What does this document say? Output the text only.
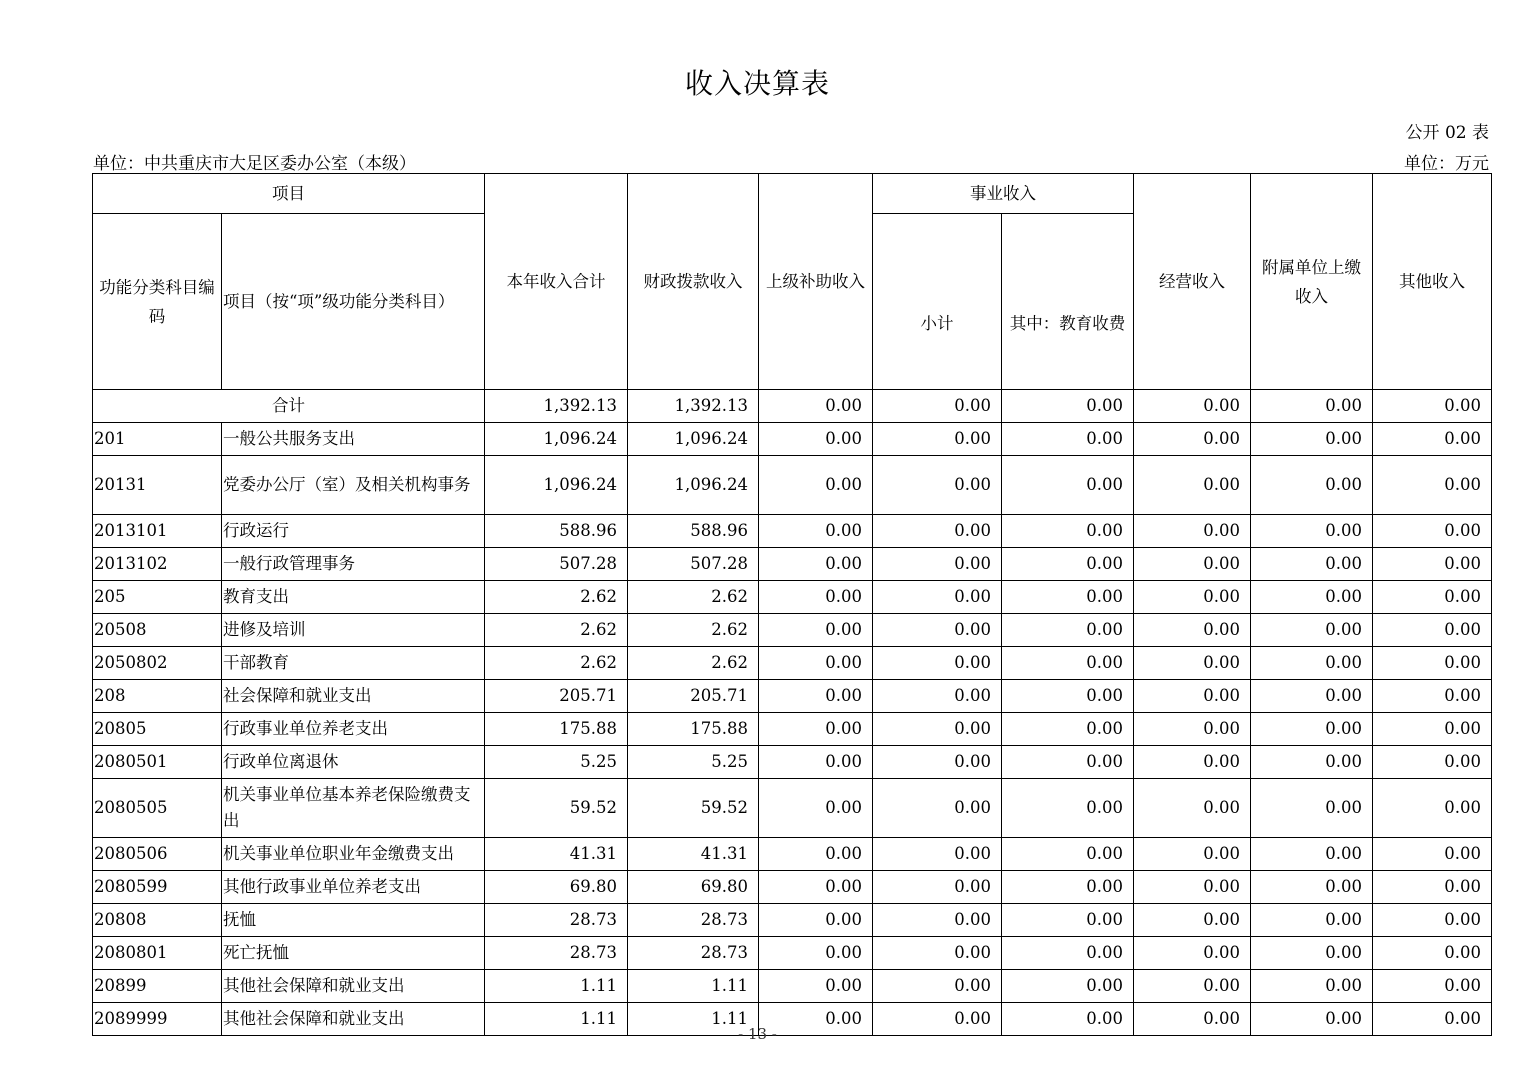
收入决算表
公开 02 表
单位：中共重庆市大足区委办公室（本级）	单位：万元
项目		本年收入合计	财政拨款收入	上级补助收入	事业收入		经营收入	附属单位上缴收入	其他收入
功能分类科目编码	项目（按“项”级功能分类科目）				小计	其中：教育收费			
合计		1,392.13	1,392.13	0.00	0.00	0.00	0.00	0.00	0.00
201	一般公共服务支出	1,096.24	1,096.24	0.00	0.00	0.00	0.00	0.00	0.00
20131	党委办公厅（室）及相关机构事务	1,096.24	1,096.24	0.00	0.00	0.00	0.00	0.00	0.00
2013101	行政运行	588.96	588.96	0.00	0.00	0.00	0.00	0.00	0.00
2013102	一般行政管理事务	507.28	507.28	0.00	0.00	0.00	0.00	0.00	0.00
205	教育支出	2.62	2.62	0.00	0.00	0.00	0.00	0.00	0.00
20508	进修及培训	2.62	2.62	0.00	0.00	0.00	0.00	0.00	0.00
2050802	干部教育	2.62	2.62	0.00	0.00	0.00	0.00	0.00	0.00
208	社会保障和就业支出	205.71	205.71	0.00	0.00	0.00	0.00	0.00	0.00
20805	行政事业单位养老支出	175.88	175.88	0.00	0.00	0.00	0.00	0.00	0.00
2080501	行政单位离退休	5.25	5.25	0.00	0.00	0.00	0.00	0.00	0.00
2080505	机关事业单位基本养老保险缴费支出	59.52	59.52	0.00	0.00	0.00	0.00	0.00	0.00
2080506	机关事业单位职业年金缴费支出	41.31	41.31	0.00	0.00	0.00	0.00	0.00	0.00
2080599	其他行政事业单位养老支出	69.80	69.80	0.00	0.00	0.00	0.00	0.00	0.00
20808	抚恤	28.73	28.73	0.00	0.00	0.00	0.00	0.00	0.00
2080801	死亡抚恤	28.73	28.73	0.00	0.00	0.00	0.00	0.00	0.00
20899	其他社会保障和就业支出	1.11	1.11	0.00	0.00	0.00	0.00	0.00	0.00
2089999	其他社会保障和就业支出	1.11	1.11	0.00	0.00	0.00	0.00	0.00	0.00
- 13 -
